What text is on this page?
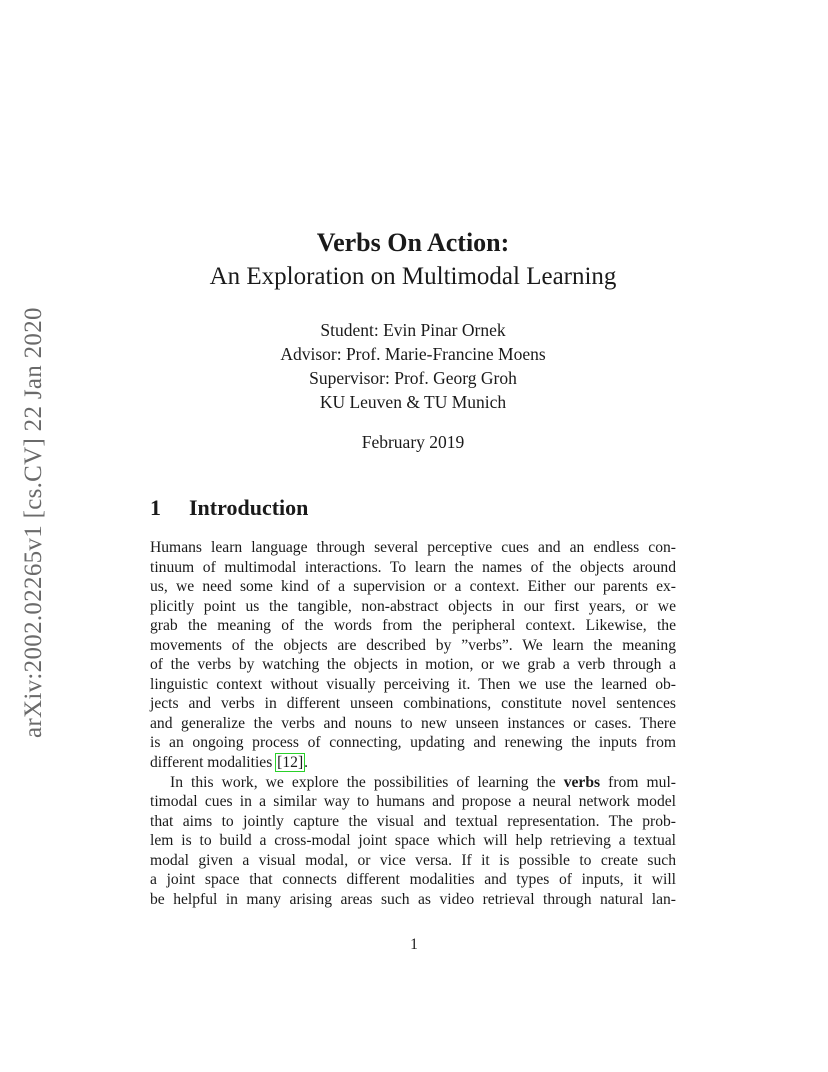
arXiv:2002.02265v1 [cs.CV] 22 Jan 2020

Verbs On Action:

An Exploration on Multimodal Learning

Student: Evin Pinar Ornek
Advisor: Prof. Marie-Francine Moens
Supervisor: Prof. Georg Groh
KU Leuven & TU Munich
February 2019
1 Introduction
Humans learn language through several perceptive cues and an endless con-
tinuum of multimodal interactions. To learn the names of the objects around
us, we need some kind of a supervision or a context. Either our parents ex-
plicitly point us the tangible, non-abstract objects in our first years, or we
grab the meaning of the words from the peripheral context. Likewise, the
movements of the objects are described by ”verbs”. We learn the meaning
of the verbs by watching the objects in motion, or we grab a verb through a
linguistic context without visually perceiving it. Then we use the learned ob-
jects and verbs in different unseen combinations, constitute novel sentences
and generalize the verbs and nouns to new unseen instances or cases. There
is an ongoing process of connecting, updating and renewing the inputs from
different modalities [12].
In this work, we explore the possibilities of learning the verbs from mul-
timodal cues in a similar way to humans and propose a neural network model
that aims to jointly capture the visual and textual representation. The prob-
lem is to build a cross-modal joint space which will help retrieving a textual
modal given a visual modal, or vice versa. If it is possible to create such
a joint space that connects different modalities and types of inputs, it will
be helpful in many arising areas such as video retrieval through natural lan-
1
